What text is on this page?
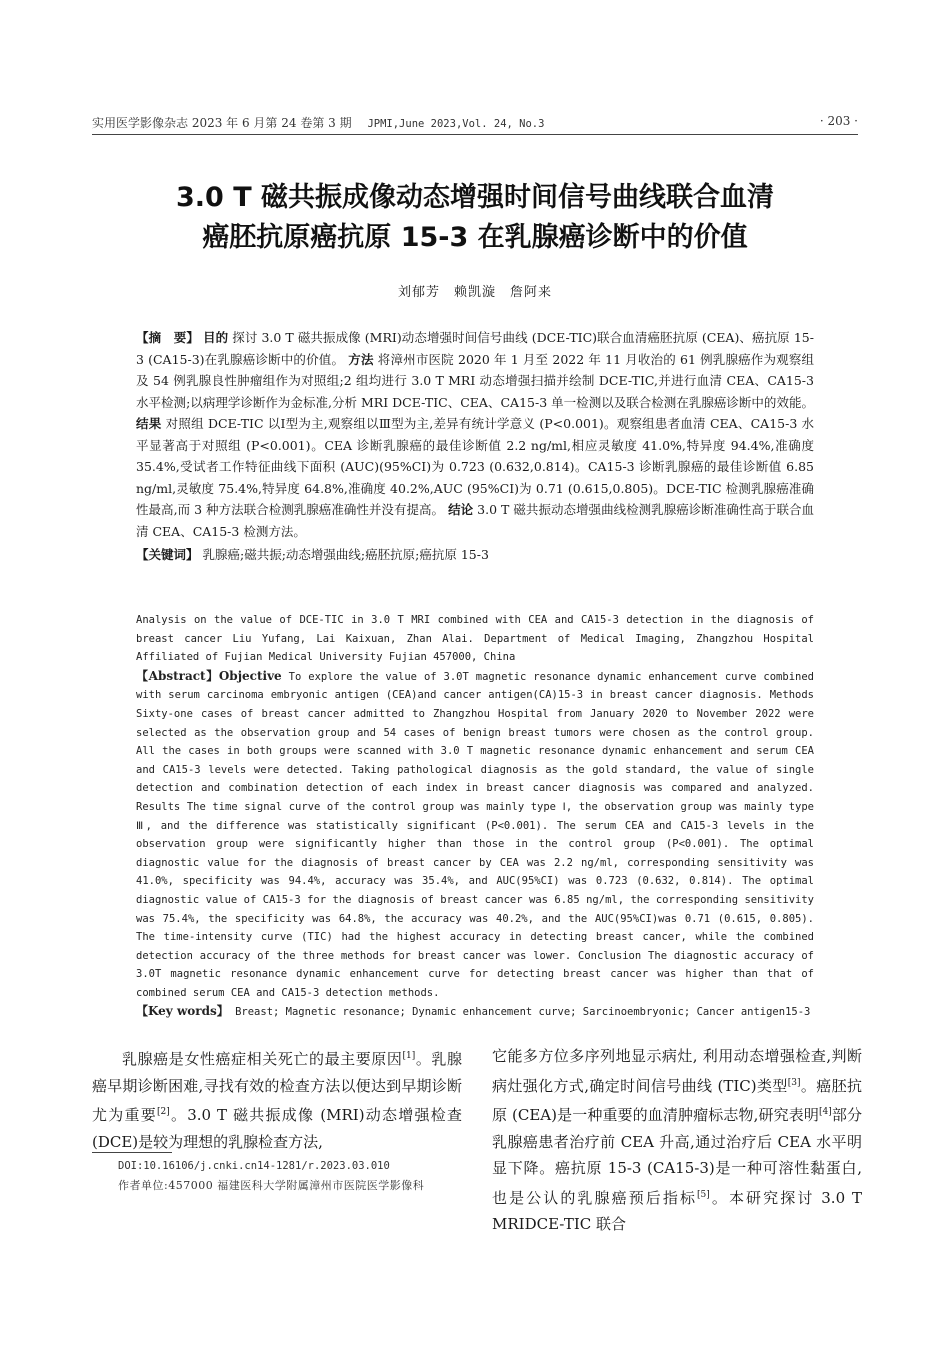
实用医学影像杂志 2023 年 6 月第 24 卷第 3 期 JPMI,June 2023,Vol. 24, No.3	· 203 ·
3.0 T 磁共振成像动态增强时间信号曲线联合血清
癌胚抗原癌抗原 15-3 在乳腺癌诊断中的价值
刘郁芳　赖凯漩　詹阿来

【摘　要】 目的 探讨 3.0 T 磁共振成像 (MRI)动态增强时间信号曲线 (DCE-TIC)联合血清癌胚抗原 (CEA)、癌抗原 15-3 (CA15-3)在乳腺癌诊断中的价值。 方法 将漳州市医院 2020 年 1 月至 2022 年 11 月收治的 61 例乳腺癌作为观察组及 54 例乳腺良性肿瘤组作为对照组;2 组均进行 3.0 T MRI 动态增强扫描并绘制 DCE-TIC,并进行血清 CEA、CA15-3 水平检测;以病理学诊断作为金标准,分析 MRI DCE-TIC、CEA、CA15-3 单一检测以及联合检测在乳腺癌诊断中的效能。 结果 对照组 DCE-TIC 以Ⅰ型为主,观察组以Ⅲ型为主,差异有统计学意义 (P<0.001)。观察组患者血清 CEA、CA15-3 水平显著高于对照组 (P<0.001)。CEA 诊断乳腺癌的最佳诊断值 2.2 ng/ml,相应灵敏度 41.0%,特异度 94.4%,准确度 35.4%,受试者工作特征曲线下面积 (AUC)(95%CI)为 0.723 (0.632,0.814)。CA15-3 诊断乳腺癌的最佳诊断值 6.85 ng/ml,灵敏度 75.4%,特异度 64.8%,准确度 40.2%,AUC (95%CI)为 0.71 (0.615,0.805)。DCE-TIC 检测乳腺癌准确性最高,而 3 种方法联合检测乳腺癌准确性并没有提高。 结论 3.0 T 磁共振动态增强曲线检测乳腺癌诊断准确性高于联合血清 CEA、CA15-3 检测方法。

【关键词】 乳腺癌;磁共振;动态增强曲线;癌胚抗原;癌抗原 15-3

Analysis on the value of DCE-TIC in 3.0 T MRI combined with CEA and CA15-3 detection in the diagnosis of breast cancer Liu Yufang, Lai Kaixuan, Zhan Alai. Department of Medical Imaging, Zhangzhou Hospital Affiliated of Fujian Medical University Fujian 457000, China

【Abstract】Objective To explore the value of 3.0T magnetic resonance dynamic enhancement curve combined with serum carcinoma embryonic antigen (CEA)and cancer antigen(CA)15-3 in breast cancer diagnosis. Methods Sixty-one cases of breast cancer admitted to Zhangzhou Hospital from January 2020 to November 2022 were selected as the observation group and 54 cases of benign breast tumors were chosen as the control group. All the cases in both groups were scanned with 3.0 T magnetic resonance dynamic enhancement and serum CEA and CA15-3 levels were detected. Taking pathological diagnosis as the gold standard, the value of single detection and combination detection of each index in breast cancer diagnosis was compared and analyzed. Results The time signal curve of the control group was mainly type Ⅰ, the observation group was mainly type Ⅲ, and the difference was statistically significant (P<0.001). The serum CEA and CA15-3 levels in the observation group were significantly higher than those in the control group (P<0.001). The optimal diagnostic value for the diagnosis of breast cancer by CEA was 2.2 ng/ml, corresponding sensitivity was 41.0%, specificity was 94.4%, accuracy was 35.4%, and AUC(95%CI) was 0.723 (0.632, 0.814). The optimal diagnostic value of CA15-3 for the diagnosis of breast cancer was 6.85 ng/ml, the corresponding sensitivity was 75.4%, the specificity was 64.8%, the accuracy was 40.2%, and the AUC(95%CI)was 0.71 (0.615, 0.805). The time-intensity curve (TIC) had the highest accuracy in detecting breast cancer, while the combined detection accuracy of the three methods for breast cancer was lower. Conclusion The diagnostic accuracy of 3.0T magnetic resonance dynamic enhancement curve for detecting breast cancer was higher than that of combined serum CEA and CA15-3 detection methods.

【Key words】 Breast; Magnetic resonance; Dynamic enhancement curve; Sarcinoembryonic; Cancer antigen15-3

乳腺癌是女性癌症相关死亡的最主要原因[1]。乳腺癌早期诊断困难,寻找有效的检查方法以便达到早期诊断尤为重要[2]。3.0 T 磁共振成像 (MRI)动态增强检查 (DCE)是较为理想的乳腺检查方法,

它能多方位多序列地显示病灶, 利用动态增强检查,判断病灶强化方式,确定时间信号曲线 (TIC)类型[3]。癌胚抗原 (CEA)是一种重要的血清肿瘤标志物,研究表明[4]部分乳腺癌患者治疗前 CEA 升高,通过治疗后 CEA 水平明显下降。癌抗原 15-3 (CA15-3)是一种可溶性黏蛋白,也是公认的乳腺癌预后指标[5]。本研究探讨 3.0 T MRIDCE-TIC 联合

DOI:10.16106/j.cnki.cn14-1281/r.2023.03.010

作者单位:457000 福建医科大学附属漳州市医院医学影像科
